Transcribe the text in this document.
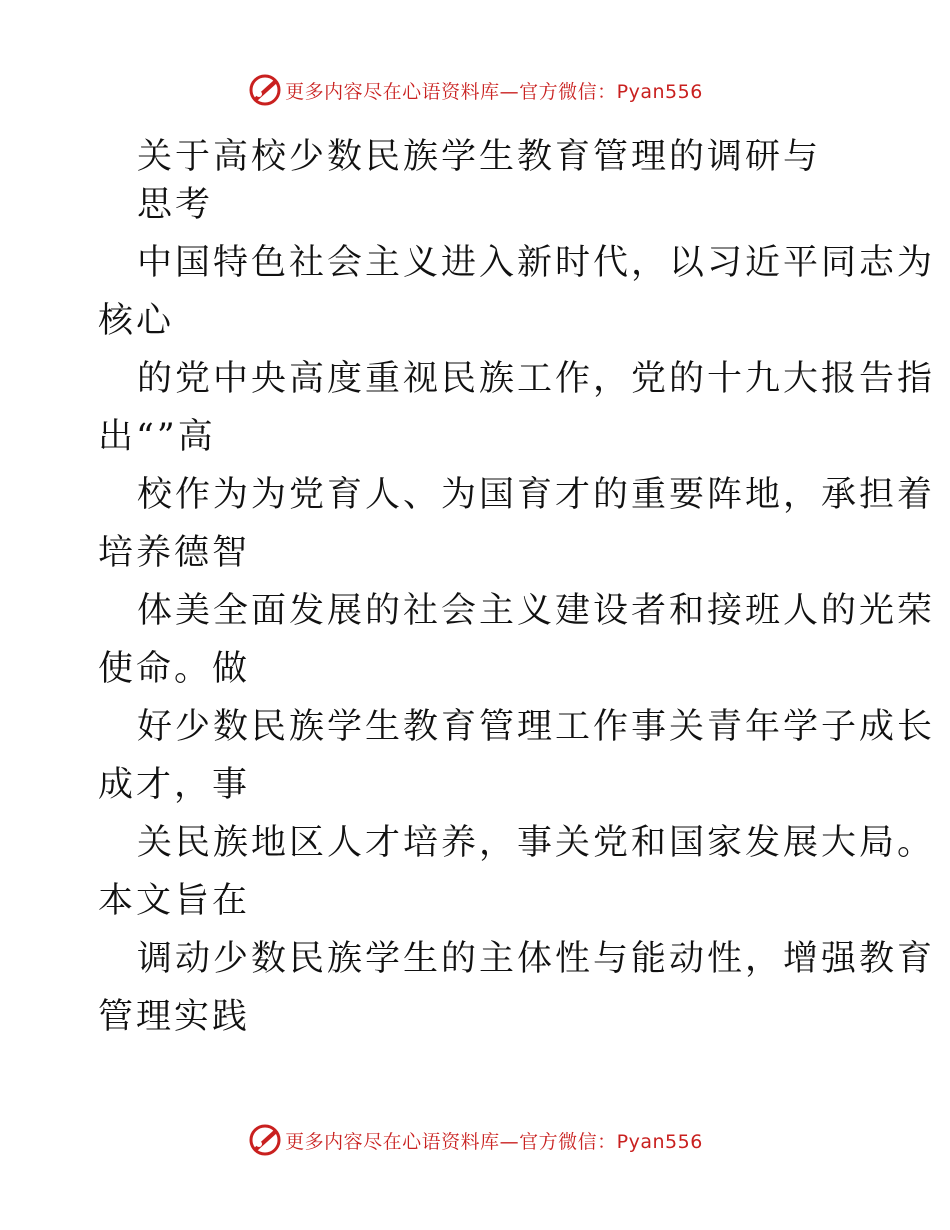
更多内容尽在心语资料库—官方微信：Pyan556
关于高校少数民族学生教育管理的调研与
思考
中国特色社会主义进入新时代，以习近平同志为
核心
的党中央高度重视民族工作，党的十九大报告指
出“”高
校作为为党育人、为国育才的重要阵地，承担着
培养德智
体美全面发展的社会主义建设者和接班人的光荣
使命。做
好少数民族学生教育管理工作事关青年学子成长
成才，事
关民族地区人才培养，事关党和国家发展大局。
本文旨在
调动少数民族学生的主体性与能动性，增强教育
管理实践
更多内容尽在心语资料库—官方微信：Pyan556
